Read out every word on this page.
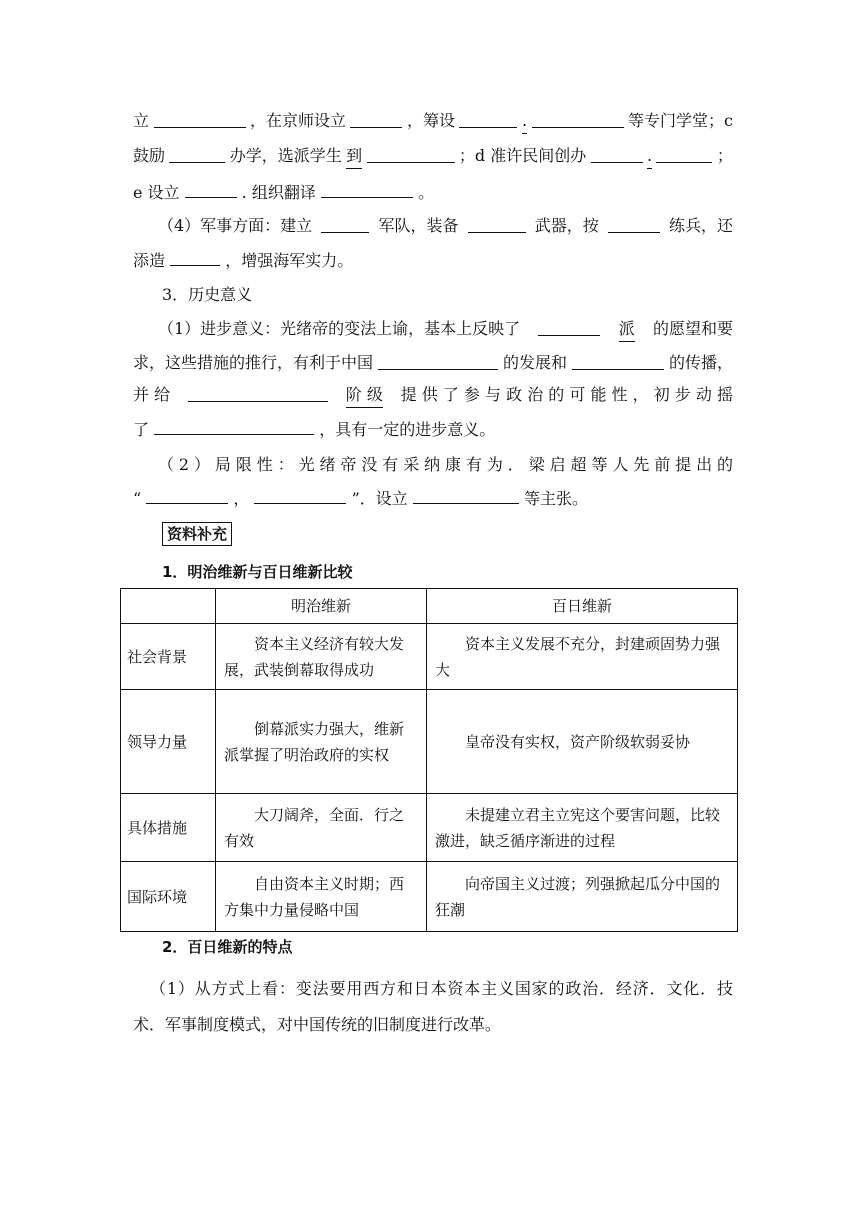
立	，在京师设立	，筹设	.	等专门学堂；c
鼓励	办学，选派学生 到	；d 准许民间创办	.	；
e 设立	. 组织翻译	。
（4）军事方面：建立	军队，装备	武器，按	练兵，还
添造	，增强海军实力。
3．历史意义
（1）进步意义：光绪帝的变法上谕，基本上反映了	派 的愿望和要
求，这些措施的推行，有利于中国	的发展和	的传播，
并 给	阶 级 提 供 了 参 与 政 治 的 可 能 性 ， 初 步 动 摇
了	，具有一定的进步意义。
（2）局限性：光绪帝没有采纳康有为．梁启超等人先前提出的
“	，	”．设立	等主张。
资料补充
1．明治维新与百日维新比较
	明治维新	百日维新
社会背景	资本主义经济有较大发展，武装倒幕取得成功	资本主义发展不充分，封建顽固势力强大

领导力量	倒幕派实力强大，维新派掌握了明治政府的实权	皇帝没有实权，资产阶级软弱妥协

具体措施	大刀阔斧，全面．行之有效	未提建立君主立宪这个要害问题，比较激进，缺乏循序渐进的过程

国际环境	自由资本主义时期；西方集中力量侵略中国	向帝国主义过渡；列强掀起瓜分中国的狂潮
2．百日维新的特点
（1）从方式上看：变法要用西方和日本资本主义国家的政治．经济．文化．技
术．军事制度模式，对中国传统的旧制度进行改革。
